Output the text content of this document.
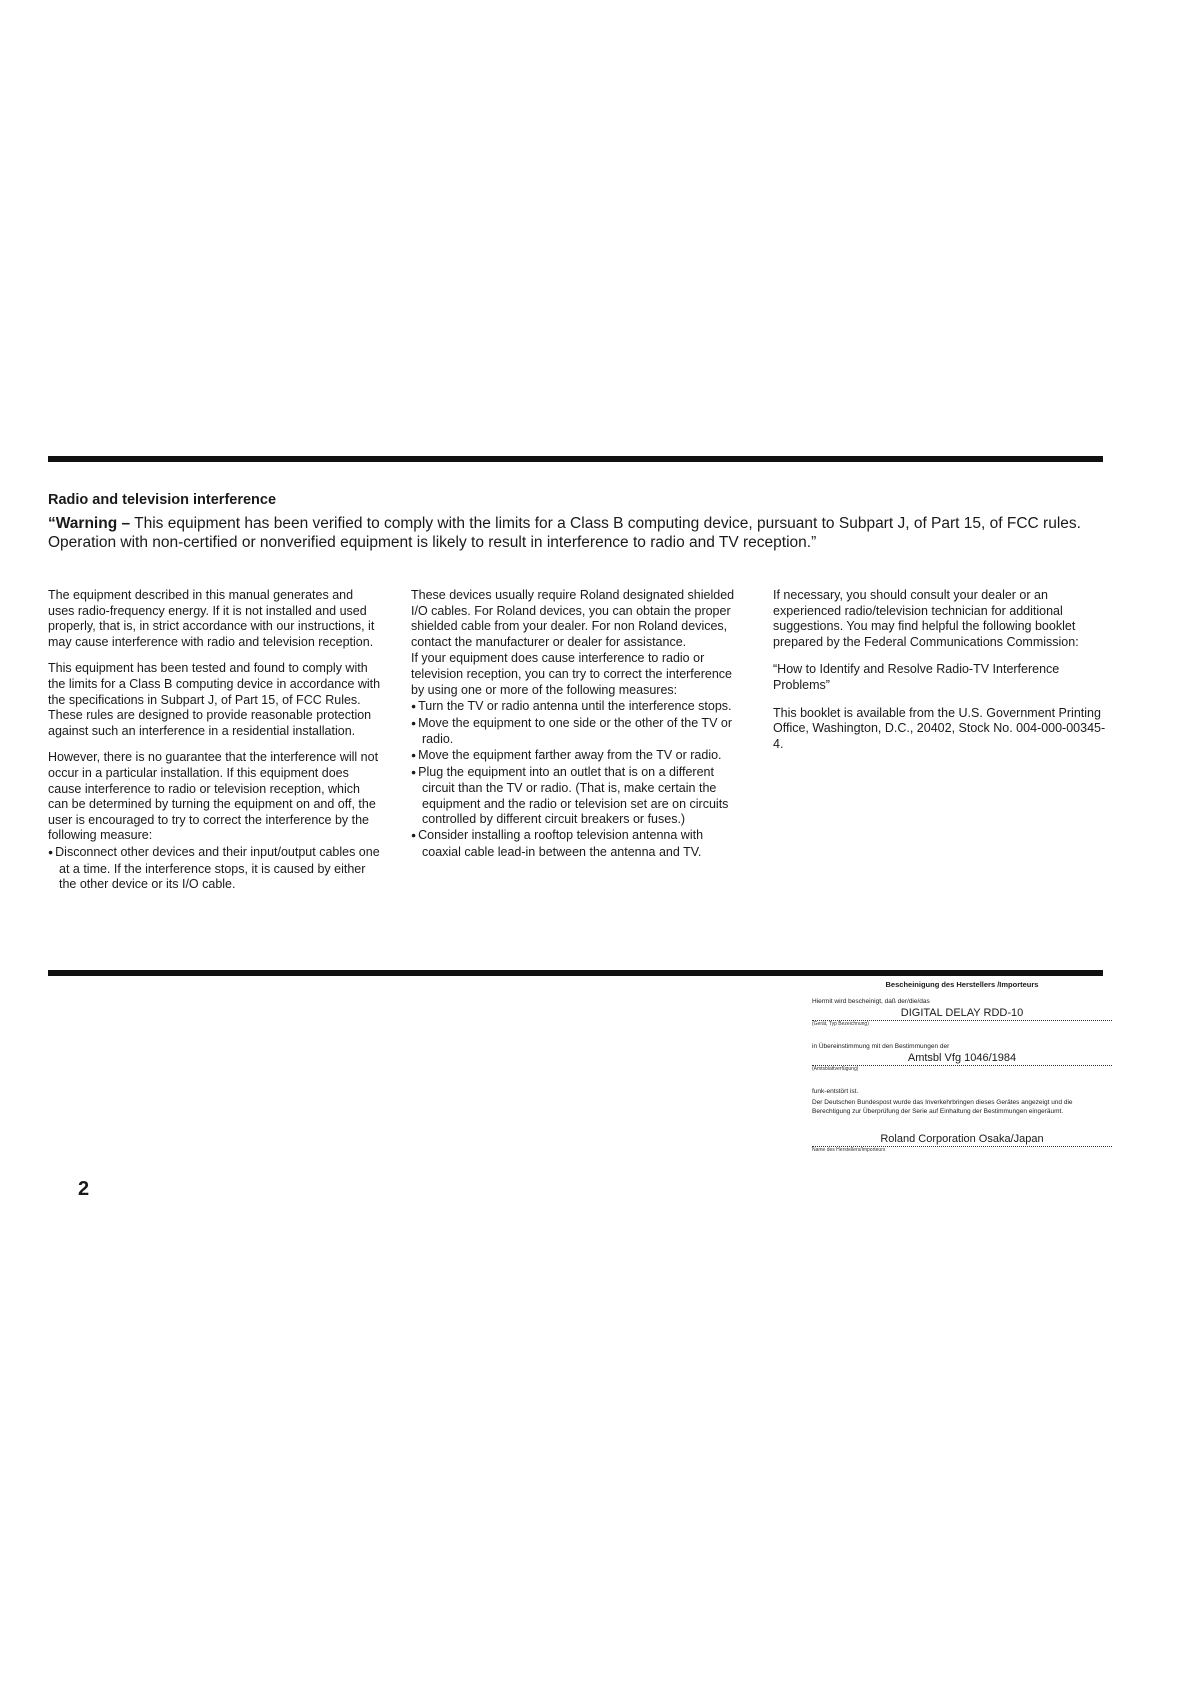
Radio and television interference

“Warning – This equipment has been verified to comply with the limits for a Class B computing device, pursuant to Subpart J, of Part 15, of FCC rules. Operation with non-certified or nonverified equipment is likely to result in interference to radio and TV reception.”

The equipment described in this manual generates and uses radio-frequency energy. If it is not installed and used properly, that is, in strict accordance with our instructions, it may cause interference with radio and television reception.

This equipment has been tested and found to comply with the limits for a Class B computing device in accordance with the specifications in Subpart J, of Part 15, of FCC Rules. These rules are designed to provide reasonable protection against such an interference in a residential installation.

However, there is no guarantee that the interference will not occur in a particular installation. If this equipment does cause interference to radio or television reception, which can be determined by turning the equipment on and off, the user is encouraged to try to correct the interference by the following measure:

● Disconnect other devices and their input/output cables one at a time. If the interference stops, it is caused by either the other device or its I/O cable.

These devices usually require Roland designated shielded I/O cables. For Roland devices, you can obtain the proper shielded cable from your dealer. For non Roland devices, contact the manufacturer or dealer for assistance.

If your equipment does cause interference to radio or television reception, you can try to correct the interference by using one or more of the following measures:

● Turn the TV or radio antenna until the interference stops.
● Move the equipment to one side or the other of the TV or radio.
● Move the equipment farther away from the TV or radio.
● Plug the equipment into an outlet that is on a different circuit than the TV or radio. (That is, make certain the equipment and the radio or television set are on circuits controlled by different circuit breakers or fuses.)
● Consider installing a rooftop television antenna with coaxial cable lead-in between the antenna and TV.

If necessary, you should consult your dealer or an experienced radio/television technician for additional suggestions. You may find helpful the following booklet prepared by the Federal Communications Commission:

“How to Identify and Resolve Radio-TV Interference Problems”

This booklet is available from the U.S. Government Printing Office, Washington, D.C., 20402, Stock No. 004-000-00345-4.

2

Bescheinigung des Herstellers /Importeurs

Hiermit wird bescheinigt, daß der/die/das

DIGITAL DELAY RDD-10

(Gerät, Typ Bezeichnung)

in Übereinstimmung mit den Bestimmungen der

Amtsbl Vfg 1046/1984

(Amtsblattverfügung)

funk-entstört ist.

Der Deutschen Bundespost wurde das Inverkehrbringen dieses Gerätes angezeigt und die Berechtigung zur Überprüfung der Serie auf Einhaltung der Bestimmungen eingeräumt.

Roland Corporation Osaka/Japan

Name des Herstellers/Importeurs
